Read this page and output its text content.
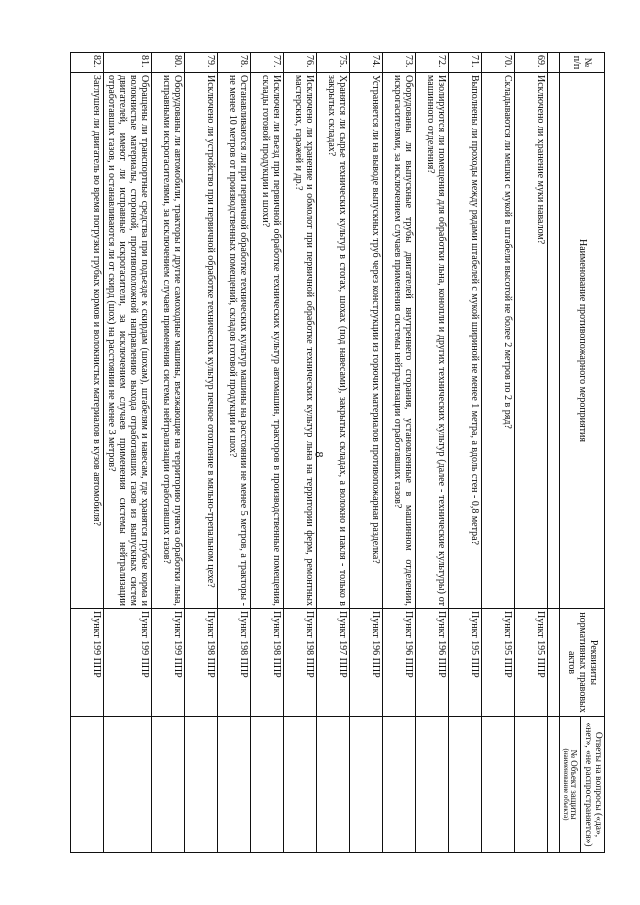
8
№ п/п	Наименование противопожарного мероприятия	Реквизиты нормативных правовых актов	Ответы на вопросы («да», «нет», «не распространяется»)

			№ Объект защиты
(наименование объекта)

69.	Исключено ли хранение муки навалом?	Пункт 195 ППР	
70.	Складываются ли мешки с мукой в штабели высотой не более 2 метров по 2 в ряд?	Пункт 195 ППР	
71.	Выполнены ли проходы между рядами штабелей с мукой шириной не менее 1 метра, а вдоль стен - 0,8 метра?	Пункт 195 ППР	
72.	Изолируются ли помещения для обработки льна, конопли и других технических культур (далее - технические культуры) от машинного отделения?	Пункт 196 ППР	
73.	Оборудованы ли выпускные трубы двигателей внутреннего сгорания, установленные в машинном отделении, искрогасителями, за исключением случаев применения системы нейтрализации отработавших газов?	Пункт 196 ППР	
74.	Устраняется ли на выводе выпускных труб через конструкции из горючих материалов противопожарная разделка?	Пункт 196 ППР	
75.	Хранятся ли сырье технических культур в стогах, шохах (под навесами), закрытых складах, а волокно и пакля - только в закрытых складах?	Пункт 197 ППР	
76.	Исключено ли хранение и обмолот при первичной обработке технических культур льна на территории ферм, ремонтных мастерских, гаражей и др.?	Пункт 198 ППР	
77.	Исключен ли въезд при первичной обработке технических культур автомашин, тракторов в производственные помещения, склады готовой продукции и шохи?	Пункт 198 ППР	
78.	Останавливаются ли при первичной обработке технических культур машины на расстоянии не менее 5 метров, а тракторы - не менее 10 метров от производственных помещений, складов готовой продукции и шох?	Пункт 198 ППР	
79.	Исключено ли устройство при первичной обработке технических культур печное отопление в мяльно-трепальном цехе?	Пункт 198 ППР	
80.	Оборудованы ли автомобили, тракторы и другие самоходные машины, въезжающие на территорию пункта обработки льна, исправными искрогасителями, за исключением случаев применения системы нейтрализации отработавших газов?	Пункт 199 ППР	
81.	Обращены ли транспортные средства при подъезде к скирдам (шохам), штабелям и навесам, где хранятся грубые корма и волокнистые материалы, стороной, противоположной направлению выхода отработавших газов из выпускных систем двигателей, имеют ли исправные искрогасители, за исключением случаев применения системы нейтрализации отработавших газов, и останавливаются ли от скирд (шох) на расстоянии не менее 3 метров?	Пункт 199 ППР	
82.	Заглушен ли двигатель во время погрузки грубых кормов и волокнистых материалов в кузов автомобиля?	Пункт 199 ППР	
